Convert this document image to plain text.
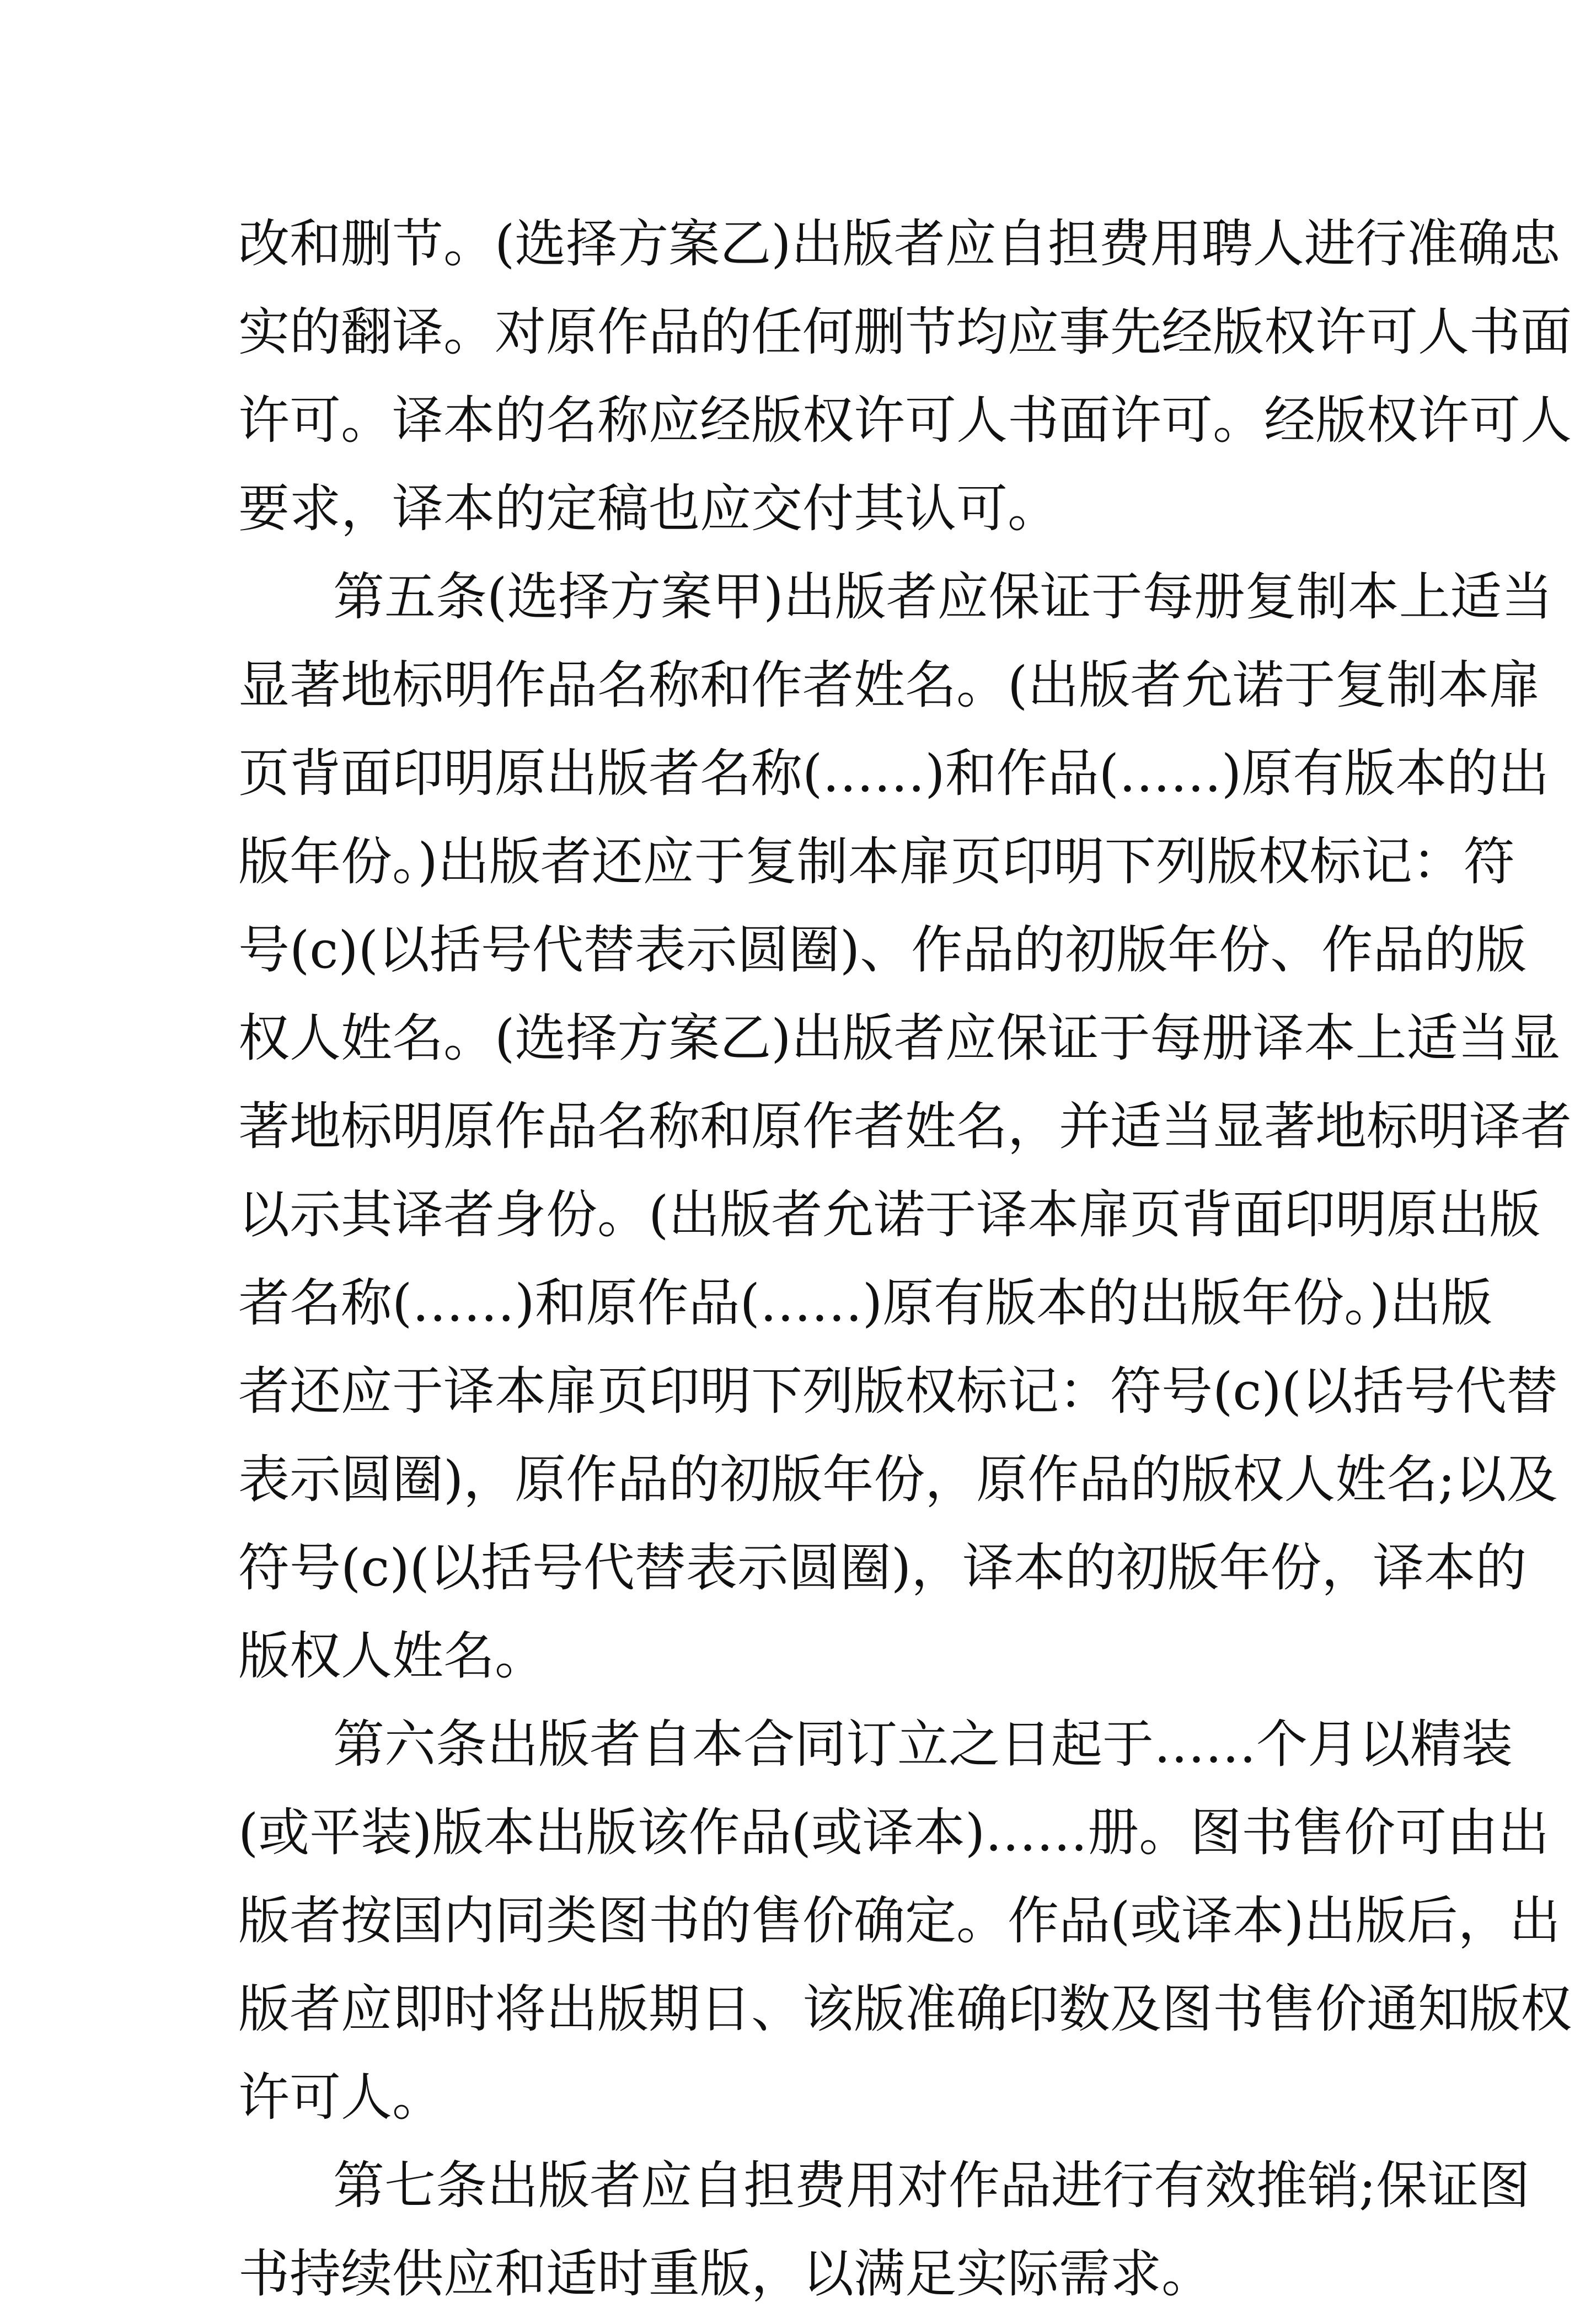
改和删节。(选择方案乙)出版者应自担费用聘人进行准确忠
实的翻译。对原作品的任何删节均应事先经版权许可人书面
许可。译本的名称应经版权许可人书面许可。经版权许可人
要求，译本的定稿也应交付其认可。
第五条(选择方案甲)出版者应保证于每册复制本上适当
显著地标明作品名称和作者姓名。(出版者允诺于复制本扉
页背面印明原出版者名称(……)和作品(……)原有版本的出
版年份。)出版者还应于复制本扉页印明下列版权标记：符
号(c)(以括号代替表示圆圈)、作品的初版年份、作品的版
权人姓名。(选择方案乙)出版者应保证于每册译本上适当显
著地标明原作品名称和原作者姓名，并适当显著地标明译者
以示其译者身份。(出版者允诺于译本扉页背面印明原出版
者名称(……)和原作品(……)原有版本的出版年份。)出版
者还应于译本扉页印明下列版权标记：符号(c)(以括号代替
表示圆圈)，原作品的初版年份，原作品的版权人姓名;以及
符号(c)(以括号代替表示圆圈)，译本的初版年份，译本的
版权人姓名。
第六条出版者自本合同订立之日起于……个月以精装
(或平装)版本出版该作品(或译本)……册。图书售价可由出
版者按国内同类图书的售价确定。作品(或译本)出版后，出
版者应即时将出版期日、该版准确印数及图书售价通知版权
许可人。
第七条出版者应自担费用对作品进行有效推销;保证图
书持续供应和适时重版，以满足实际需求。
